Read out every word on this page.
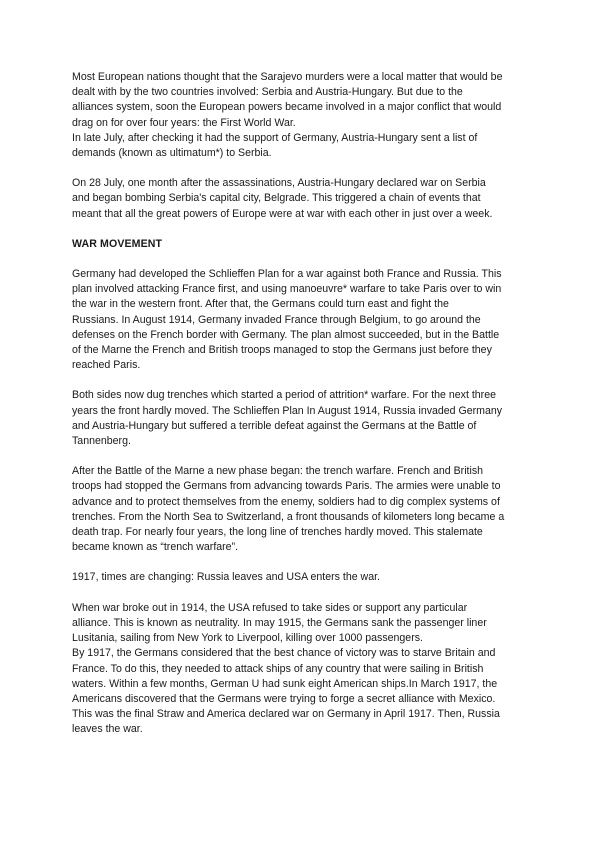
Most European nations thought that the Sarajevo murders were a local matter that would be
dealt with by the two countries involved: Serbia and Austria-Hungary. But due to the
alliances system, soon the European powers became involved in a major conflict that would
drag on for over four years: the First World War.
In late July, after checking it had the support of Germany, Austria-Hungary sent a list of
demands (known as ultimatum*) to Serbia.

On 28 July, one month after the assassinations, Austria-Hungary declared war on Serbia
and began bombing Serbia's capital city, Belgrade. This triggered a chain of events that
meant that all the great powers of Europe were at war with each other in just over a week.

WAR MOVEMENT

Germany had developed the Schlieffen Plan for a war against both France and Russia. This
plan involved attacking France first, and using manoeuvre* warfare to take Paris over to win
the war in the western front. After that, the Germans could turn east and fight the
Russians. In August 1914, Germany invaded France through Belgium, to go around the
defenses on the French border with Germany. The plan almost succeeded, but in the Battle
of the Marne the French and British troops managed to stop the Germans just before they
reached Paris.

Both sides now dug trenches which started a period of attrition* warfare. For the next three
years the front hardly moved. The Schlieffen Plan In August 1914, Russia invaded Germany
and Austria-Hungary but suffered a terrible defeat against the Germans at the Battle of
Tannenberg.

After the Battle of the Marne a new phase began: the trench warfare. French and British
troops had stopped the Germans from advancing towards Paris. The armies were unable to
advance and to protect themselves from the enemy, soldiers had to dig complex systems of
trenches. From the North Sea to Switzerland, a front thousands of kilometers long became a
death trap. For nearly four years, the long line of trenches hardly moved. This stalemate
became known as “trench warfare”.

1917, times are changing: Russia leaves and USA enters the war.

When war broke out in 1914, the USA refused to take sides or support any particular
alliance. This is known as neutrality. In may 1915, the Germans sank the passenger liner
Lusitania, sailing from New York to Liverpool, killing over 1000 passengers.
By 1917, the Germans considered that the best chance of victory was to starve Britain and
France. To do this, they needed to attack ships of any country that were sailing in British
waters. Within a few months, German U had sunk eight American ships.In March 1917, the
Americans discovered that the Germans were trying to forge a secret alliance with Mexico.
This was the final Straw and America declared war on Germany in April 1917. Then, Russia
leaves the war.
